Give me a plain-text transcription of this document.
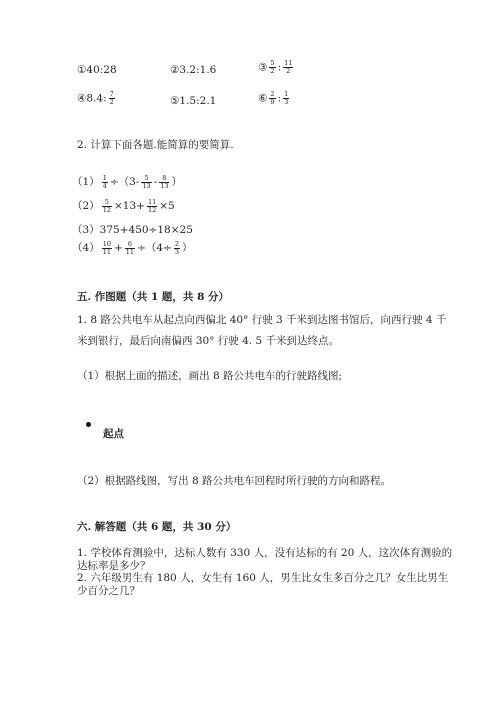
①40:28	②3.2:1.6	③ $\frac{5}{2}$ : $\frac{11}{2}$
④8.4: $\frac{7}{2}$	⑤1.5:2.1	⑥ $\frac{2}{9}$ : $\frac{1}{3}$
2. 计算下面各题.能简算的要简算.
$(1) \frac{1}{4} \div(3- \frac{5}{13} - \frac{8}{13}$ ）
$(2) \frac{5}{12} \times 13+ \frac{11}{12} \times 5$
（3）375+450÷18×25
$(4) \frac{10}{11} + \frac{6}{11} \div(4\div \frac{2}{3}$ ）
五. 作图题（共 1 题，共 8 分）
1. 8 路公共电车从起点向西偏北 40° 行驶 3 千米到达图书馆后，向西行驶 4 千
米到银行，最后向南偏西 30° 行驶 4. 5 千米到达终点。
（1）根据上面的描述，画出 8 路公共电车的行驶路线图;
起点
（2）根据路线图，写出 8 路公共电车回程时所行驶的方向和路程。
六. 解答题（共 6 题，共 30 分）
1. 学校体育测验中，达标人数有 330 人，没有达标的有 20 人，这次体育测验的
达标率是多少？
2. 六年级男生有 180 人，女生有 160 人，男生比女生多百分之几？女生比男生
少百分之几？
